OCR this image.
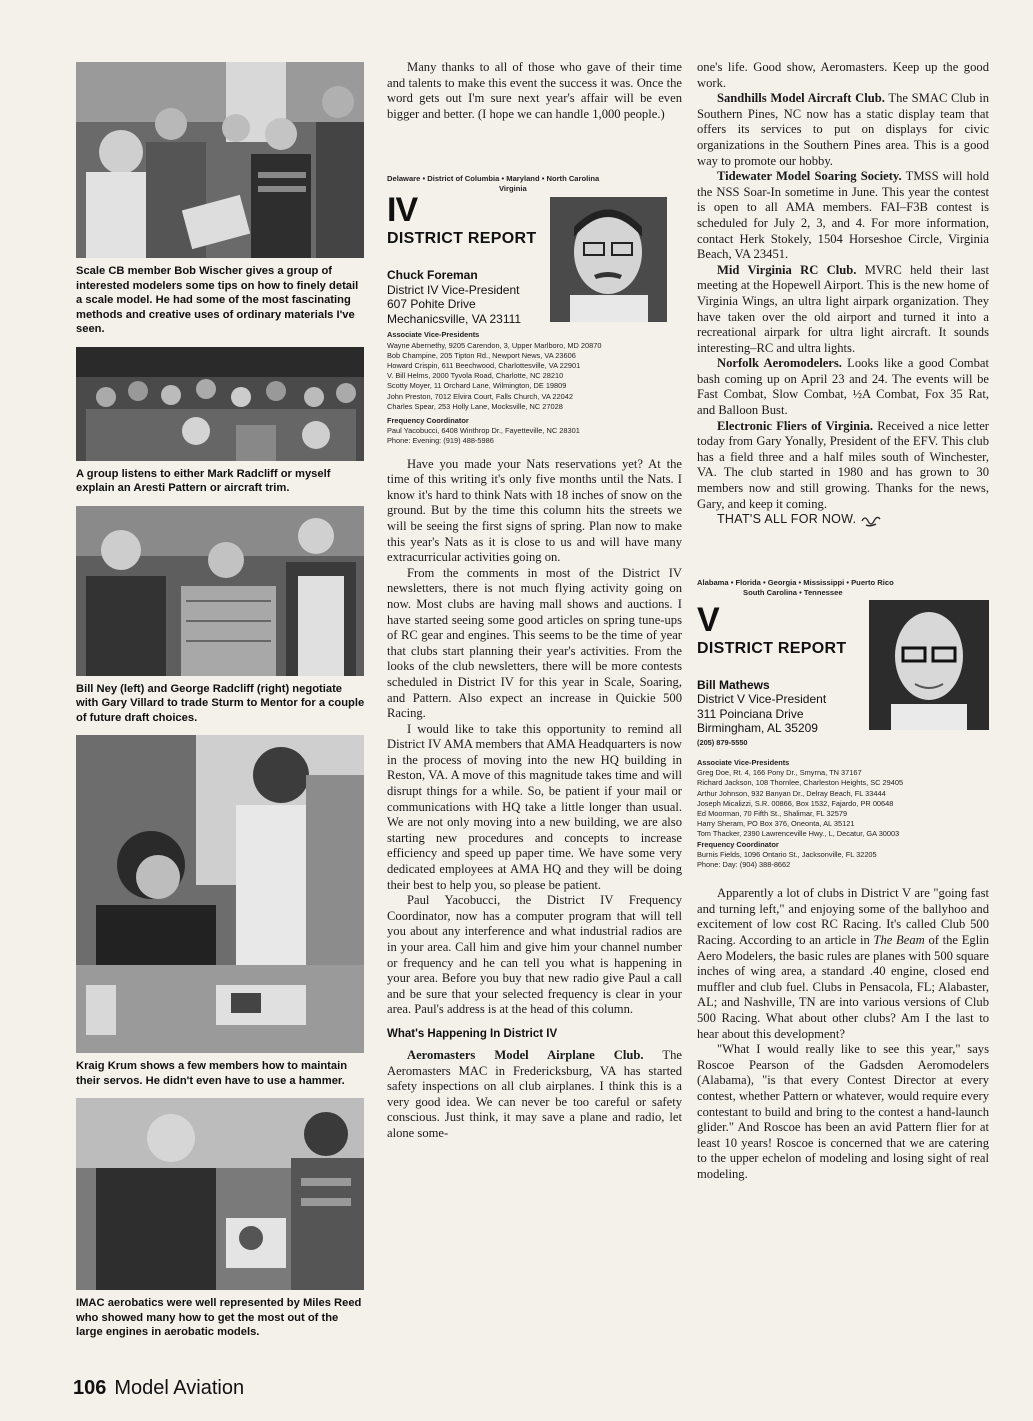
Scale CB member Bob Wischer gives a group of interested modelers some tips on how to finely detail a scale model. He had some of the most fascinating methods and creative uses of ordinary materials I've seen.
A group listens to either Mark Radcliff or myself explain an Aresti Pattern or aircraft trim.
Bill Ney (left) and George Radcliff (right) negotiate with Gary Villard to trade Sturm to Mentor for a couple of future draft choices.
Kraig Krum shows a few members how to maintain their servos. He didn't even have to use a hammer.
IMAC aerobatics were well represented by Miles Reed who showed many how to get the most out of the large engines in aerobatic models.

Many thanks to all of those who gave of their time and talents to make this event the success it was. Once the word gets out I'm sure next year's affair will be even bigger and better. (I hope we can handle 1,000 people.)

Delaware • District of Columbia • Maryland • North Carolina
Virginia
IV
DISTRICT REPORT
Chuck Foreman
District IV Vice-President
607 Pohite Drive
Mechanicsville, VA 23111
Associate Vice-Presidents
Wayne Abernethy, 9205 Carendon, 3, Upper Marlboro, MD 20870
Bob Champine, 205 Tipton Rd., Newport News, VA 23606
Howard Crispin, 611 Beechwood, Charlottesville, VA 22901
V. Bill Helms, 2000 Tyvola Road, Charlotte, NC 28210
Scotty Moyer, 11 Orchard Lane, Wilmington, DE 19809
John Preston, 7012 Elvira Court, Falls Church, VA 22042
Charles Spear, 253 Holly Lane, Mocksville, NC 27028
Frequency Coordinator
Paul Yacobucci, 6408 Winthrop Dr., Fayetteville, NC 28301
Phone: Evening: (919) 488-5986

Have you made your Nats reservations yet? At the time of this writing it's only five months until the Nats. I know it's hard to think Nats with 18 inches of snow on the ground. But by the time this column hits the streets we will be seeing the first signs of spring. Plan now to make this year's Nats as it is close to us and will have many extracurricular activities going on.

From the comments in most of the District IV newsletters, there is not much flying activity going on now. Most clubs are having mall shows and auctions. I have started seeing some good articles on spring tune-ups of RC gear and engines. This seems to be the time of year that clubs start planning their year's activities. From the looks of the club newsletters, there will be more contests scheduled in District IV for this year in Scale, Soaring, and Pattern. Also expect an increase in Quickie 500 Racing.

I would like to take this opportunity to remind all District IV AMA members that AMA Headquarters is now in the process of moving into the new HQ building in Reston, VA. A move of this magnitude takes time and will disrupt things for a while. So, be patient if your mail or communications with HQ take a little longer than usual. We are not only moving into a new building, we are also starting new procedures and concepts to increase efficiency and speed up paper time. We have some very dedicated employees at AMA HQ and they will be doing their best to help you, so please be patient.

Paul Yacobucci, the District IV Frequency Coordinator, now has a computer program that will tell you about any interference and what industrial radios are in your area. Call him and give him your channel number or frequency and he can tell you what is happening in your area. Before you buy that new radio give Paul a call and be sure that your selected frequency is clear in your area. Paul's address is at the head of this column.

What's Happening In District IV

Aeromasters Model Airplane Club. The Aeromasters MAC in Fredericksburg, VA has started safety inspections on all club airplanes. I think this is a very good idea. We can never be too careful or safety conscious. Just think, it may save a plane and radio, let alone some-

one's life. Good show, Aeromasters. Keep up the good work.

Sandhills Model Aircraft Club. The SMAC Club in Southern Pines, NC now has a static display team that offers its services to put on displays for civic organizations in the Southern Pines area. This is a good way to promote our hobby.

Tidewater Model Soaring Society. TMSS will hold the NSS Soar-In sometime in June. This year the contest is open to all AMA members. FAI–F3B contest is scheduled for July 2, 3, and 4. For more information, contact Herk Stokely, 1504 Horseshoe Circle, Virginia Beach, VA 23451.

Mid Virginia RC Club. MVRC held their last meeting at the Hopewell Airport. This is the new home of Virginia Wings, an ultra light airpark organization. They have taken over the old airport and turned it into a recreational airpark for ultra light aircraft. It sounds interesting–RC and ultra lights.

Norfolk Aeromodelers. Looks like a good Combat bash coming up on April 23 and 24. The events will be Fast Combat, Slow Combat, ½A Combat, Fox 35 Rat, and Balloon Bust.

Electronic Fliers of Virginia. Received a nice letter today from Gary Yonally, President of the EFV. This club has a field three and a half miles south of Winchester, VA. The club started in 1980 and has grown to 30 members now and still growing. Thanks for the news, Gary, and keep it coming.

THAT'S ALL FOR NOW.

Alabama • Florida • Georgia • Mississippi • Puerto Rico
South Carolina • Tennessee
V
DISTRICT REPORT
Bill Mathews
District V Vice-President
311 Poinciana Drive
Birmingham, AL 35209
(205) 879-5550
Associate Vice-Presidents
Greg Doe, Rt. 4, 166 Pony Dr., Smyrna, TN 37167
Richard Jackson, 108 Thornlee, Charleston Heights, SC 29405
Arthur Johnson, 932 Banyan Dr., Delray Beach, FL 33444
Joseph Micalizzi, S.R. 00866, Box 1532, Fajardo, PR 00648
Ed Moorman, 70 Fifth St., Shalimar, FL 32579
Harry Sheram, PO Box 376, Oneonta, AL 35121
Tom Thacker, 2390 Lawrenceville Hwy., L, Decatur, GA 30003
Frequency Coordinator
Burnis Fields, 1096 Ontario St., Jacksonville, FL 32205
Phone: Day: (904) 388-8662

Apparently a lot of clubs in District V are "going fast and turning left," and enjoying some of the ballyhoo and excitement of low cost RC Racing. It's called Club 500 Racing. According to an article in The Beam of the Eglin Aero Modelers, the basic rules are planes with 500 square inches of wing area, a standard .40 engine, closed end muffler and club fuel. Clubs in Pensacola, FL; Alabaster, AL; and Nashville, TN are into various versions of Club 500 Racing. What about other clubs? Am I the last to hear about this development?

"What I would really like to see this year," says Roscoe Pearson of the Gadsden Aeromodelers (Alabama), "is that every Contest Director at every contest, whether Pattern or whatever, would require every contestant to build and bring to the contest a hand-launch glider." And Roscoe has been an avid Pattern flier for at least 10 years! Roscoe is concerned that we are catering to the upper echelon of modeling and losing sight of real modeling.

106 Model Aviation
